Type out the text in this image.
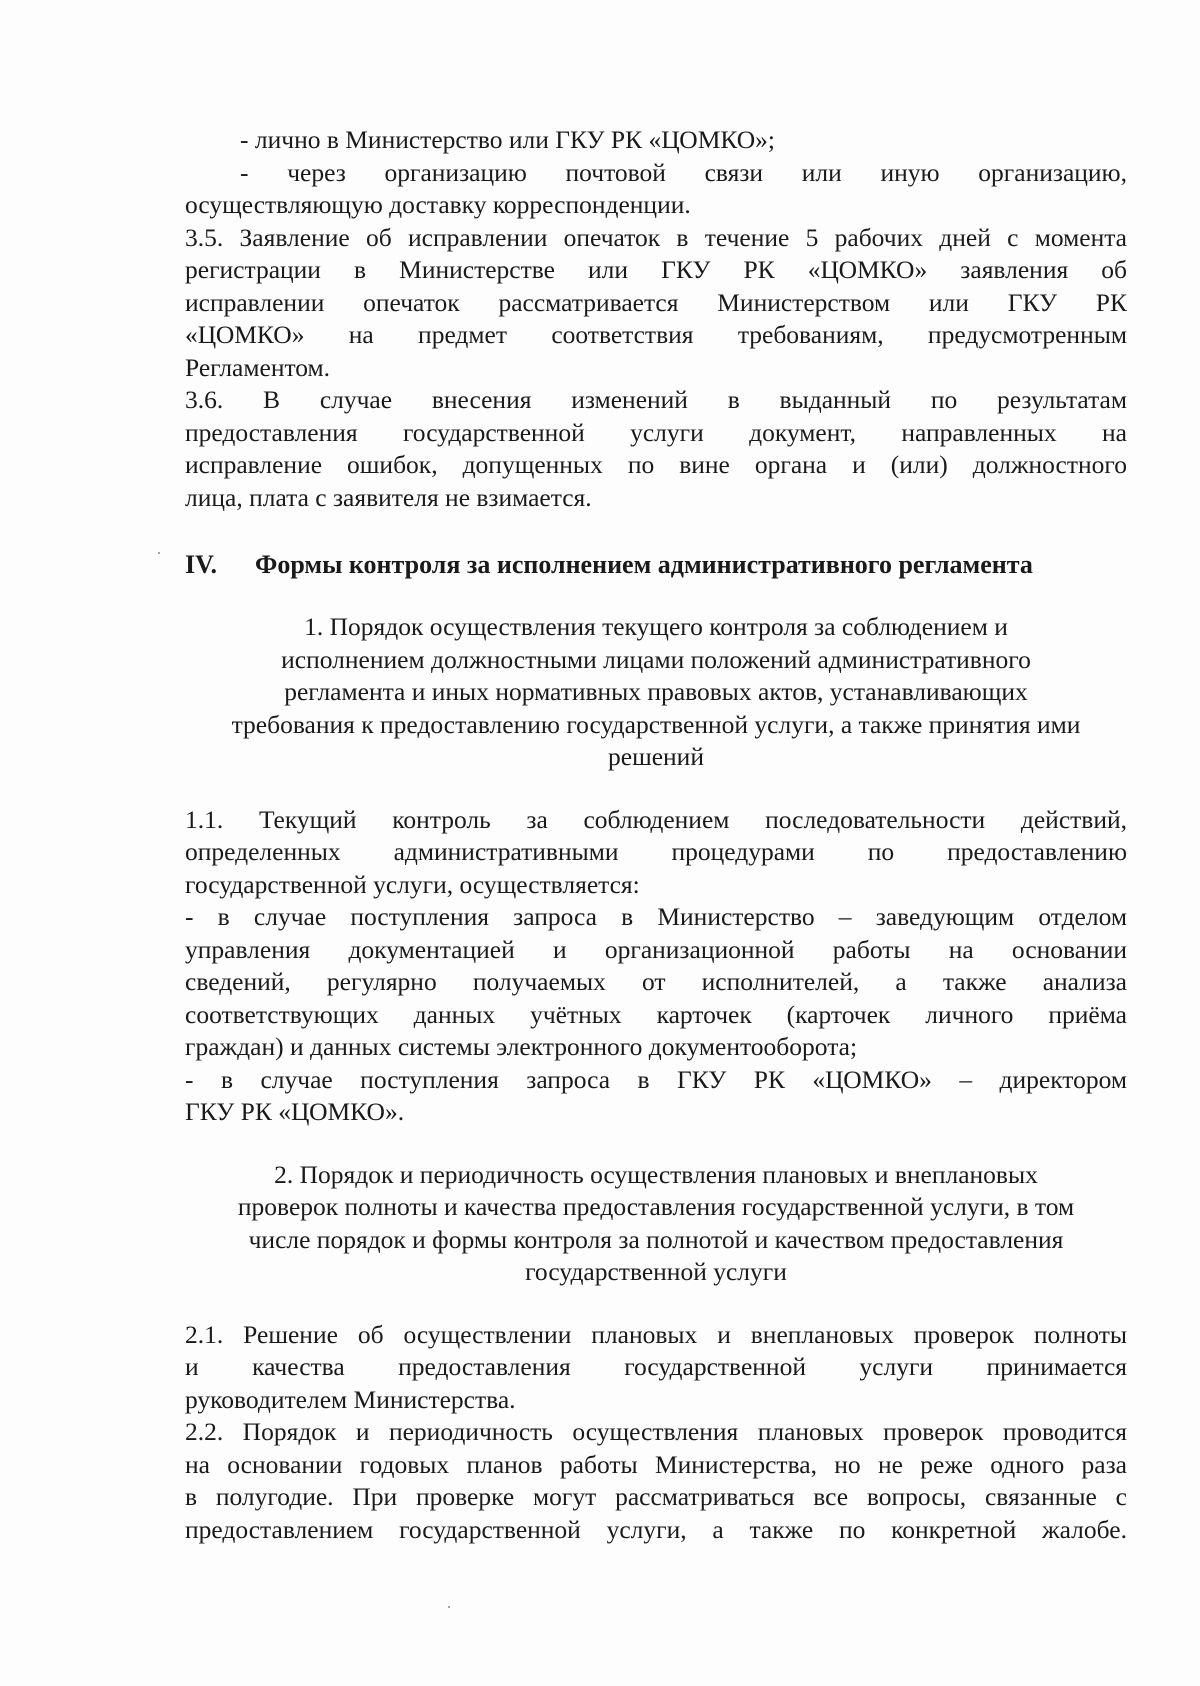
- лично в Министерство или ГКУ РК «ЦОМКО»;
- через организацию почтовой связи или иную организацию,
осуществляющую доставку корреспонденции.
3.5. Заявление об исправлении опечаток в течение 5 рабочих дней с момента
регистрации в Министерстве или ГКУ РК «ЦОМКО» заявления об
исправлении опечаток рассматривается Министерством или ГКУ РК
«ЦОМКО» на предмет соответствия требованиям, предусмотренным
Регламентом.
3.6. В случае внесения изменений в выданный по результатам
предоставления государственной услуги документ, направленных на
исправление ошибок, допущенных по вине органа и (или) должностного
лица, плата с заявителя не взимается.
IV.	Формы контроля за исполнением административного регламента
1. Порядок осуществления текущего контроля за соблюдением и
исполнением должностными лицами положений административного
регламента и иных нормативных правовых актов, устанавливающих
требования к предоставлению государственной услуги, а также принятия ими
решений
1.1. Текущий контроль за соблюдением последовательности действий,
определенных административными процедурами по предоставлению
государственной услуги, осуществляется:
- в случае поступления запроса в Министерство – заведующим отделом
управления документацией и организационной работы на основании
сведений, регулярно получаемых от исполнителей, а также анализа
соответствующих данных учётных карточек (карточек личного приёма
граждан) и данных системы электронного документооборота;
- в случае поступления запроса в ГКУ РК «ЦОМКО» – директором
ГКУ РК «ЦОМКО».
2. Порядок и периодичность осуществления плановых и внеплановых
проверок полноты и качества предоставления государственной услуги, в том
числе порядок и формы контроля за полнотой и качеством предоставления
государственной услуги
2.1. Решение об осуществлении плановых и внеплановых проверок полноты
и качества предоставления государственной услуги принимается
руководителем Министерства.
2.2. Порядок и периодичность осуществления плановых проверок проводится
на основании годовых планов работы Министерства, но не реже одного раза
в полугодие. При проверке могут рассматриваться все вопросы, связанные с
предоставлением государственной услуги, а также по конкретной жалобе.
